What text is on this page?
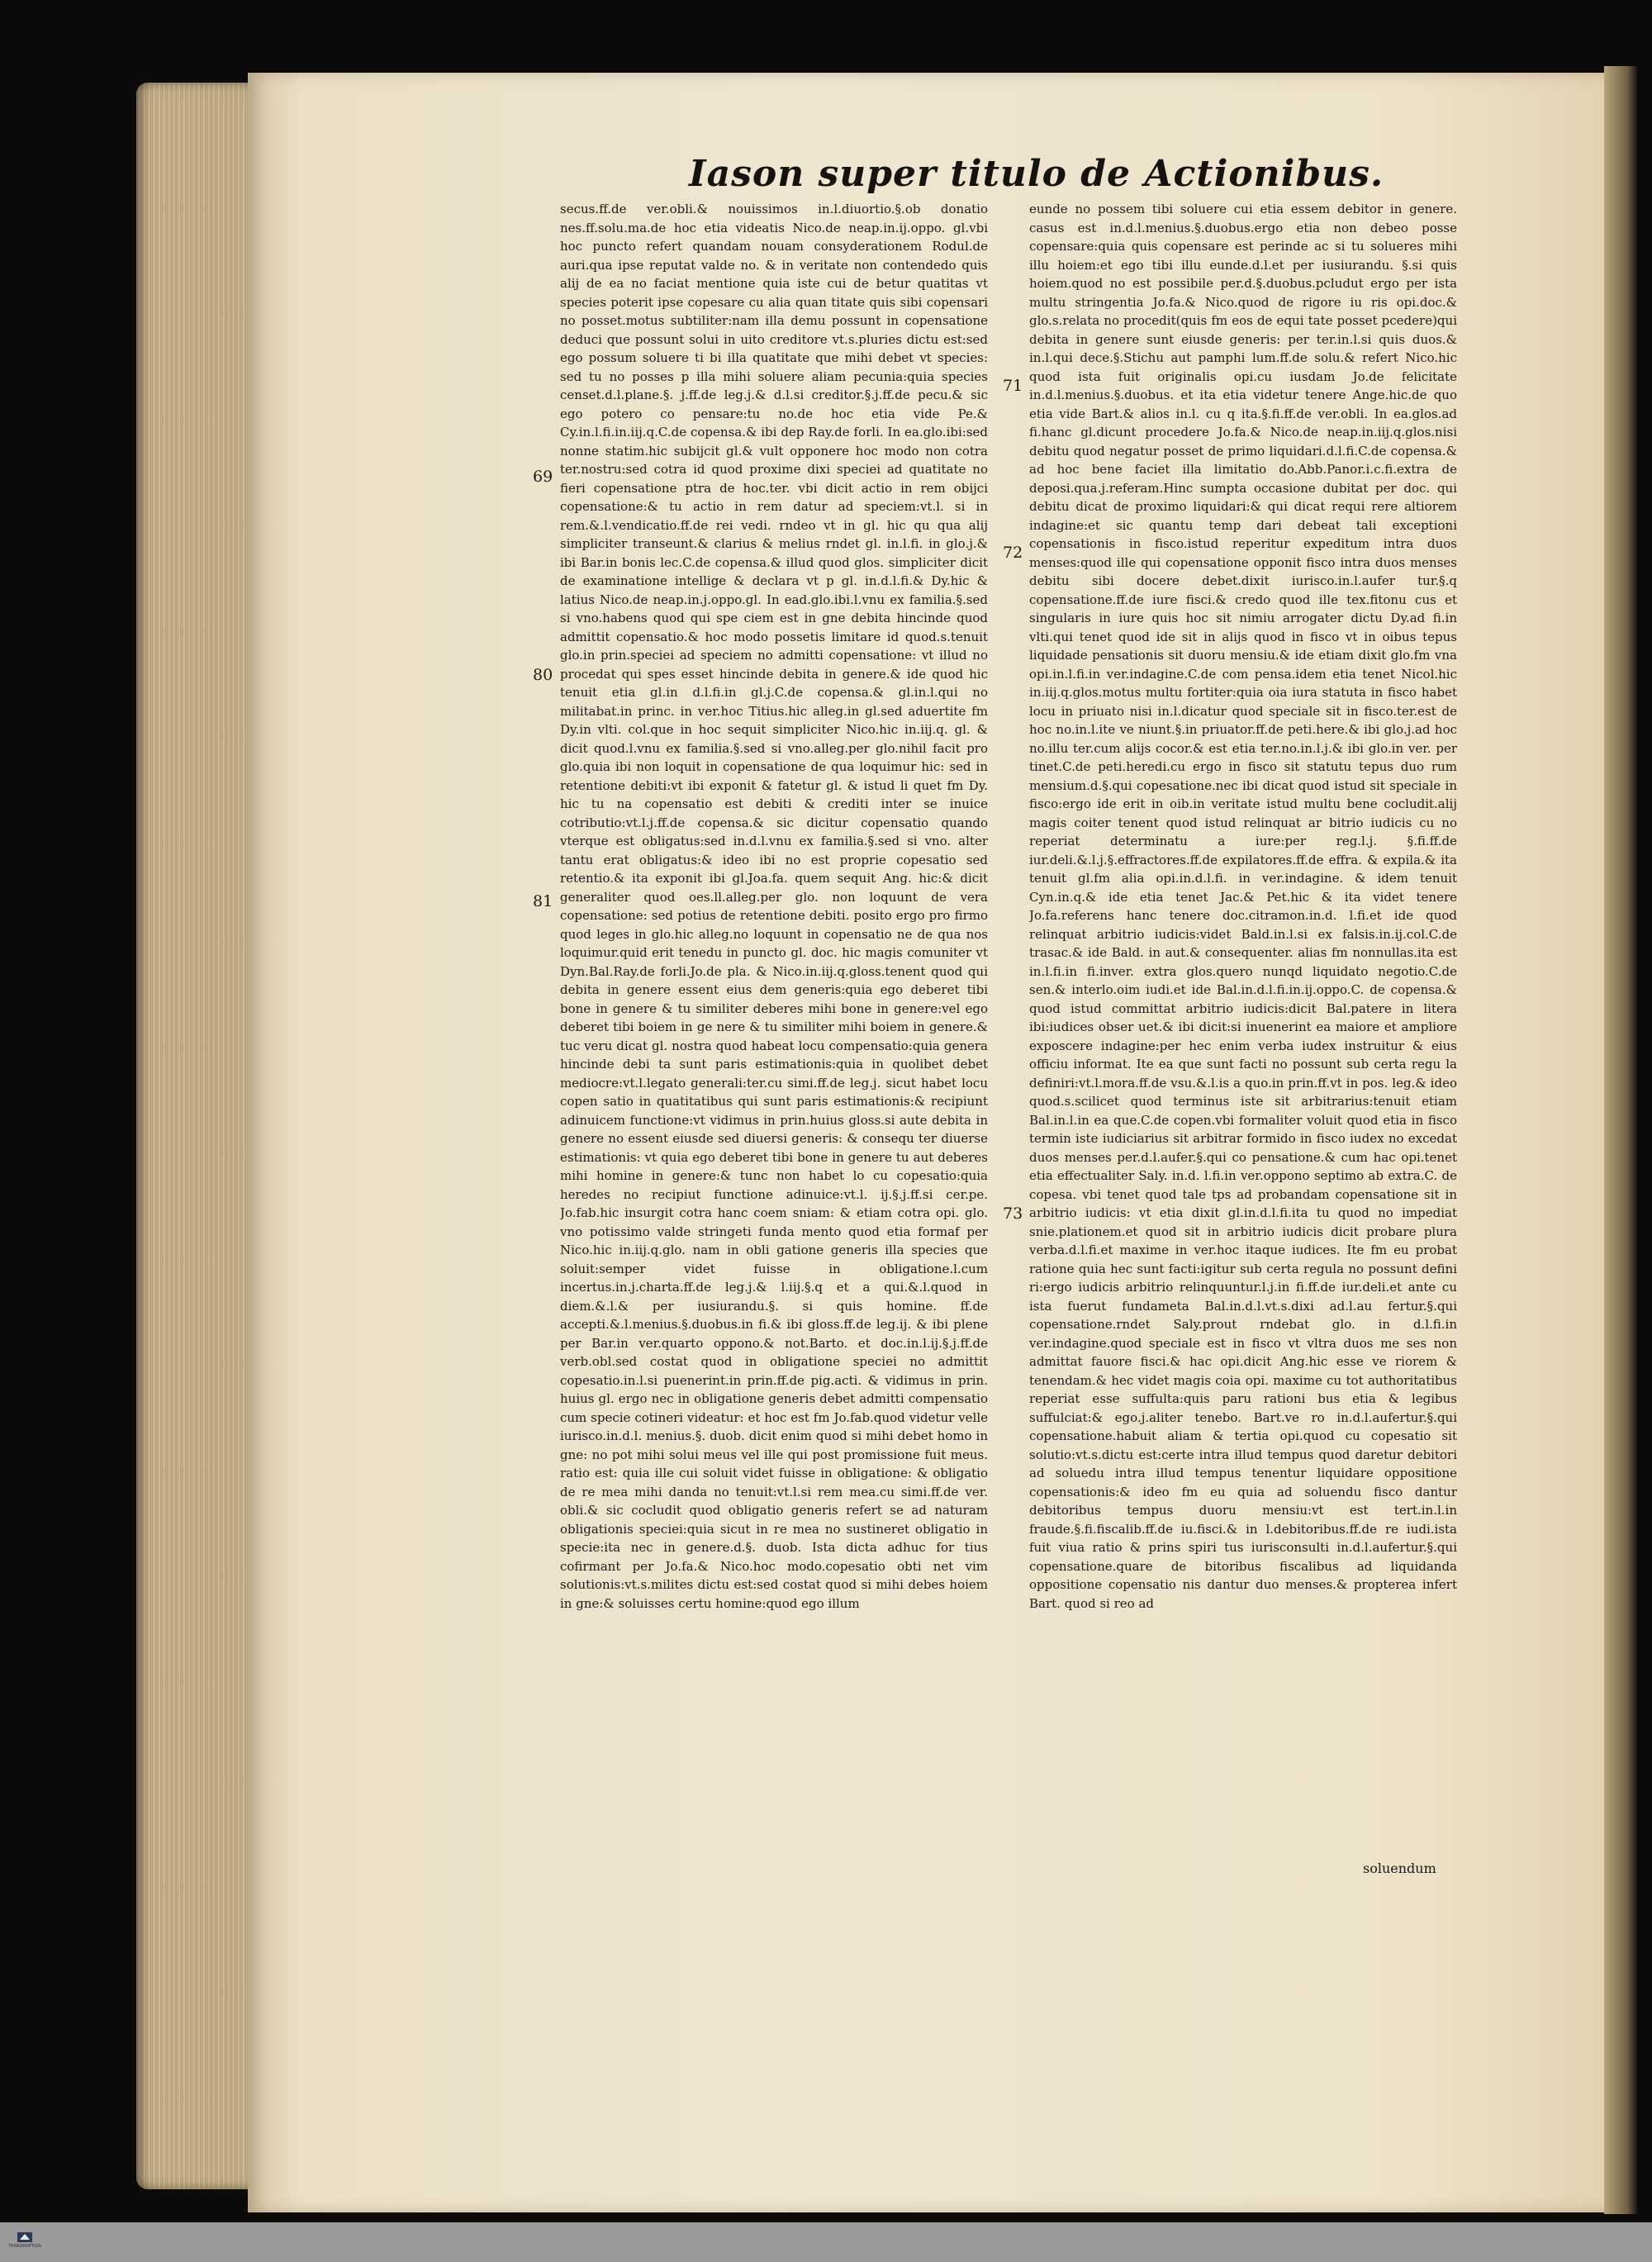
Iason super titulo de Actionibus.
secus.ff.de ver.obli.& nouissimos in.l.diuortio.§.ob donatio nes.ff.solu.ma.de hoc etia videatis Nico.de neap.in.ij.oppo. gl.vbi hoc puncto refert quandam nouam consyderationem Rodul.de auri.qua ipse reputat valde no. & in veritate non contendedo quis alij de ea no faciat mentione quia iste cui de betur quatitas vt species poterit ipse copesare cu alia quan titate quis sibi copensari no posset.motus subtiliter:nam illa demu possunt in copensatione deduci que possunt solui in uito creditore vt.s.pluries dictu est:sed ego possum soluere ti bi illa quatitate que mihi debet vt species: sed tu no posses p illa mihi soluere aliam pecunia:quia species censet.d.l.plane.§. j.ff.de leg.j.& d.l.si creditor.§.j.ff.de pecu.& sic ego potero co pensare:tu no.de hoc etia vide Pe.& Cy.in.l.fi.in.iij.q.C.de copensa.& ibi dep Ray.de forli. In ea.glo.ibi:sed nonne statim.hic subijcit gl.& vult opponere hoc modo non cotra ter.nostru:sed cotra id quod proxime dixi speciei ad quatitate no fieri copensatione ptra de hoc.ter. vbi dicit actio in rem obijci copensatione:& tu actio in rem datur ad speciem:vt.l. si in rem.&.l.vendicatio.ff.de rei vedi. rndeo vt in gl. hic qu qua alij simpliciter transeunt.& clarius & melius rndet gl. in.l.fi. in glo.j.& ibi Bar.in bonis lec.C.de copensa.& illud quod glos. simpliciter dicit de examinatione intellige & declara vt p gl. in.d.l.fi.& Dy.hic & latius Nico.de neap.in.j.oppo.gl. In ead.glo.ibi.l.vnu ex familia.§.sed si vno.habens quod qui spe ciem est in gne debita hincinde quod admittit copensatio.& hoc modo possetis limitare id quod.s.tenuit glo.in prin.speciei ad speciem no admitti copensatione: vt illud no procedat qui spes esset hincinde debita in genere.& ide quod hic tenuit etia gl.in d.l.fi.in gl.j.C.de copensa.& gl.in.l.qui no militabat.in princ. in ver.hoc Titius.hic alleg.in gl.sed aduertite fm Dy.in vlti. col.que in hoc sequit simpliciter Nico.hic in.iij.q. gl. & dicit quod.l.vnu ex familia.§.sed si vno.alleg.per glo.nihil facit pro glo.quia ibi non loquit in copensatione de qua loquimur hic: sed in retentione debiti:vt ibi exponit & fatetur gl. & istud li quet fm Dy. hic tu na copensatio est debiti & crediti inter se inuice cotributio:vt.l.j.ff.de copensa.& sic dicitur copensatio quando vterque est obligatus:sed in.d.l.vnu ex familia.§.sed si vno. alter tantu erat obligatus:& ideo ibi no est proprie copesatio sed retentio.& ita exponit ibi gl.Joa.fa. quem sequit Ang. hic:& dicit generaliter quod oes.ll.alleg.per glo. non loquunt de vera copensatione: sed potius de retentione debiti. posito ergo pro firmo quod leges in glo.hic alleg.no loquunt in copensatio ne de qua nos loquimur.quid erit tenedu in puncto gl. doc. hic magis comuniter vt Dyn.Bal.Ray.de forli.Jo.de pla. & Nico.in.iij.q.gloss.tenent quod qui debita in genere essent eius dem generis:quia ego deberet tibi bone in genere & tu similiter deberes mihi bone in genere:vel ego deberet tibi boiem in ge nere & tu similiter mihi boiem in genere.& tuc veru dicat gl. nostra quod habeat locu compensatio:quia genera hincinde debi ta sunt paris estimationis:quia in quolibet debet mediocre:vt.l.legato generali:ter.cu simi.ff.de leg.j. sicut habet locu copen satio in quatitatibus qui sunt paris estimationis:& recipiunt adinuicem functione:vt vidimus in prin.huius gloss.si aute debita in genere no essent eiusde sed diuersi generis: & consequ ter diuerse estimationis: vt quia ego deberet tibi bone in genere tu aut deberes mihi homine in genere:& tunc non habet lo cu copesatio:quia heredes no recipiut functione adinuice:vt.l. ij.§.j.ff.si cer.pe. Jo.fab.hic insurgit cotra hanc coem sniam: & etiam cotra opi. glo. vno potissimo valde stringeti funda mento quod etia formaf per Nico.hic in.iij.q.glo. nam in obli gatione generis illa species que soluit:semper videt fuisse in obligatione.l.cum incertus.in.j.charta.ff.de leg.j.& l.iij.§.q et a qui.&.l.quod in diem.&.l.& per iusiurandu.§. si quis homine. ff.de accepti.&.l.menius.§.duobus.in fi.& ibi gloss.ff.de leg.ij. & ibi plene per Bar.in ver.quarto oppono.& not.Barto. et doc.in.l.ij.§.j.ff.de verb.obl.sed costat quod in obligatione speciei no admittit copesatio.in.l.si puenerint.in prin.ff.de pig.acti. & vidimus in prin. huius gl. ergo nec in obligatione generis debet admitti compensatio cum specie cotineri videatur: et hoc est fm Jo.fab.quod videtur velle iurisco.in.d.l. menius.§. duob. dicit enim quod si mihi debet homo in gne: no pot mihi solui meus vel ille qui post promissione fuit meus. ratio est: quia ille cui soluit videt fuisse in obligatione: & obligatio de re mea mihi danda no tenuit:vt.l.si rem mea.cu simi.ff.de ver. obli.& sic cocludit quod obligatio generis refert se ad naturam obligationis speciei:quia sicut in re mea no sustineret obligatio in specie:ita nec in genere.d.§. duob. Ista dicta adhuc for tius cofirmant per Jo.fa.& Nico.hoc modo.copesatio obti net vim solutionis:vt.s.milites dictu est:sed costat quod si mihi debes hoiem in gne:& soluisses certu homine:quod ego illum
eunde no possem tibi soluere cui etia essem debitor in genere. casus est in.d.l.menius.§.duobus.ergo etia non debeo posse copensare:quia quis copensare est perinde ac si tu solueres mihi illu hoiem:et ego tibi illu eunde.d.l.et per iusiurandu. §.si quis hoiem.quod no est possibile per.d.§.duobus.pcludut ergo per ista multu stringentia Jo.fa.& Nico.quod de rigore iu ris opi.doc.& glo.s.relata no procedit(quis fm eos de equi tate posset pcedere)qui debita in genere sunt eiusde generis: per ter.in.l.si quis duos.& in.l.qui dece.§.Stichu aut pamphi lum.ff.de solu.& refert Nico.hic quod ista fuit originalis opi.cu iusdam Jo.de felicitate in.d.l.menius.§.duobus. et ita etia videtur tenere Ange.hic.de quo etia vide Bart.& alios in.l. cu q ita.§.fi.ff.de ver.obli. In ea.glos.ad fi.hanc gl.dicunt procedere Jo.fa.& Nico.de neap.in.iij.q.glos.nisi debitu quod negatur posset de primo liquidari.d.l.fi.C.de copensa.& ad hoc bene faciet illa limitatio do.Abb.Panor.i.c.fi.extra de deposi.qua.j.referam.Hinc sumpta occasione dubitat per doc. qui debitu dicat de proximo liquidari:& qui dicat requi rere altiorem indagine:et sic quantu temp dari debeat tali exceptioni copensationis in fisco.istud reperitur expeditum intra duos menses:quod ille qui copensatione opponit fisco intra duos menses debitu sibi docere debet.dixit iurisco.in.l.aufer tur.§.q copensatione.ff.de iure fisci.& credo quod ille tex.fitonu cus et singularis in iure quis hoc sit nimiu arrogater dictu Dy.ad fi.in vlti.qui tenet quod ide sit in alijs quod in fisco vt in oibus tepus liquidade pensationis sit duoru mensiu.& ide etiam dixit glo.fm vna opi.in.l.fi.in ver.indagine.C.de com pensa.idem etia tenet Nicol.hic in.iij.q.glos.motus multu fortiter:quia oia iura statuta in fisco habet locu in priuato nisi in.l.dicatur quod speciale sit in fisco.ter.est de hoc no.in.l.ite ve niunt.§.in priuator.ff.de peti.here.& ibi glo.j.ad hoc no.illu ter.cum alijs cocor.& est etia ter.no.in.l.j.& ibi glo.in ver. per tinet.C.de peti.heredi.cu ergo in fisco sit statutu tepus duo rum mensium.d.§.qui copesatione.nec ibi dicat quod istud sit speciale in fisco:ergo ide erit in oib.in veritate istud multu bene cocludit.alij magis coiter tenent quod istud relinquat ar bitrio iudicis cu no reperiat determinatu a iure:per reg.l.j. §.fi.ff.de iur.deli.&.l.j.§.effractores.ff.de expilatores.ff.de effra. & expila.& ita tenuit gl.fm alia opi.in.d.l.fi. in ver.indagine. & idem tenuit Cyn.in.q.& ide etia tenet Jac.& Pet.hic & ita videt tenere Jo.fa.referens hanc tenere doc.citramon.in.d. l.fi.et ide quod relinquat arbitrio iudicis:videt Bald.in.l.si ex falsis.in.ij.col.C.de trasac.& ide Bald. in aut.& consequenter. alias fm nonnullas.ita est in.l.fi.in fi.inver. extra glos.quero nunqd liquidato negotio.C.de sen.& interlo.oim iudi.et ide Bal.in.d.l.fi.in.ij.oppo.C. de copensa.& quod istud committat arbitrio iudicis:dicit Bal.patere in litera ibi:iudices obser uet.& ibi dicit:si inuenerint ea maiore et ampliore exposcere indagine:per hec enim verba iudex instruitur & eius officiu informat. Ite ea que sunt facti no possunt sub certa regu la definiri:vt.l.mora.ff.de vsu.&.l.is a quo.in prin.ff.vt in pos. leg.& ideo quod.s.scilicet quod terminus iste sit arbitrarius:tenuit etiam Bal.in.l.in ea que.C.de copen.vbi formaliter voluit quod etia in fisco termin iste iudiciarius sit arbitrar formido in fisco iudex no excedat duos menses per.d.l.aufer.§.qui co pensatione.& cum hac opi.tenet etia effectualiter Saly. in.d. l.fi.in ver.oppono septimo ab extra.C. de copesa. vbi tenet quod tale tps ad probandam copensatione sit in arbitrio iudicis: vt etia dixit gl.in.d.l.fi.ita tu quod no impediat snie.plationem.et quod sit in arbitrio iudicis dicit probare plura verba.d.l.fi.et maxime in ver.hoc itaque iudices. Ite fm eu probat ratione quia hec sunt facti:igitur sub certa regula no possunt defini ri:ergo iudicis arbitrio relinquuntur.l.j.in fi.ff.de iur.deli.et ante cu ista fuerut fundameta Bal.in.d.l.vt.s.dixi ad.l.au fertur.§.qui copensatione.rndet Saly.prout rndebat glo. in d.l.fi.in ver.indagine.quod speciale est in fisco vt vltra duos me ses non admittat fauore fisci.& hac opi.dicit Ang.hic esse ve riorem & tenendam.& hec videt magis coia opi. maxime cu tot authoritatibus reperiat esse suffulta:quis paru rationi bus etia & legibus suffulciat:& ego.j.aliter tenebo. Bart.ve ro in.d.l.aufertur.§.qui copensatione.habuit aliam & tertia opi.quod cu copesatio sit solutio:vt.s.dictu est:certe intra illud tempus quod daretur debitori ad soluedu intra illud tempus tenentur liquidare oppositione copensationis:& ideo fm eu quia ad soluendu fisco dantur debitoribus tempus duoru mensiu:vt est tert.in.l.in fraude.§.fi.fiscalib.ff.de iu.fisci.& in l.debitoribus.ff.de re iudi.ista fuit viua ratio & prins spiri tus iurisconsulti in.d.l.aufertur.§.qui copensatione.quare de bitoribus fiscalibus ad liquidanda oppositione copensatio nis dantur duo menses.& propterea infert Bart. quod si reo ad
69
80
81
71
72
73
soluendum
TRANSKRIPTION
